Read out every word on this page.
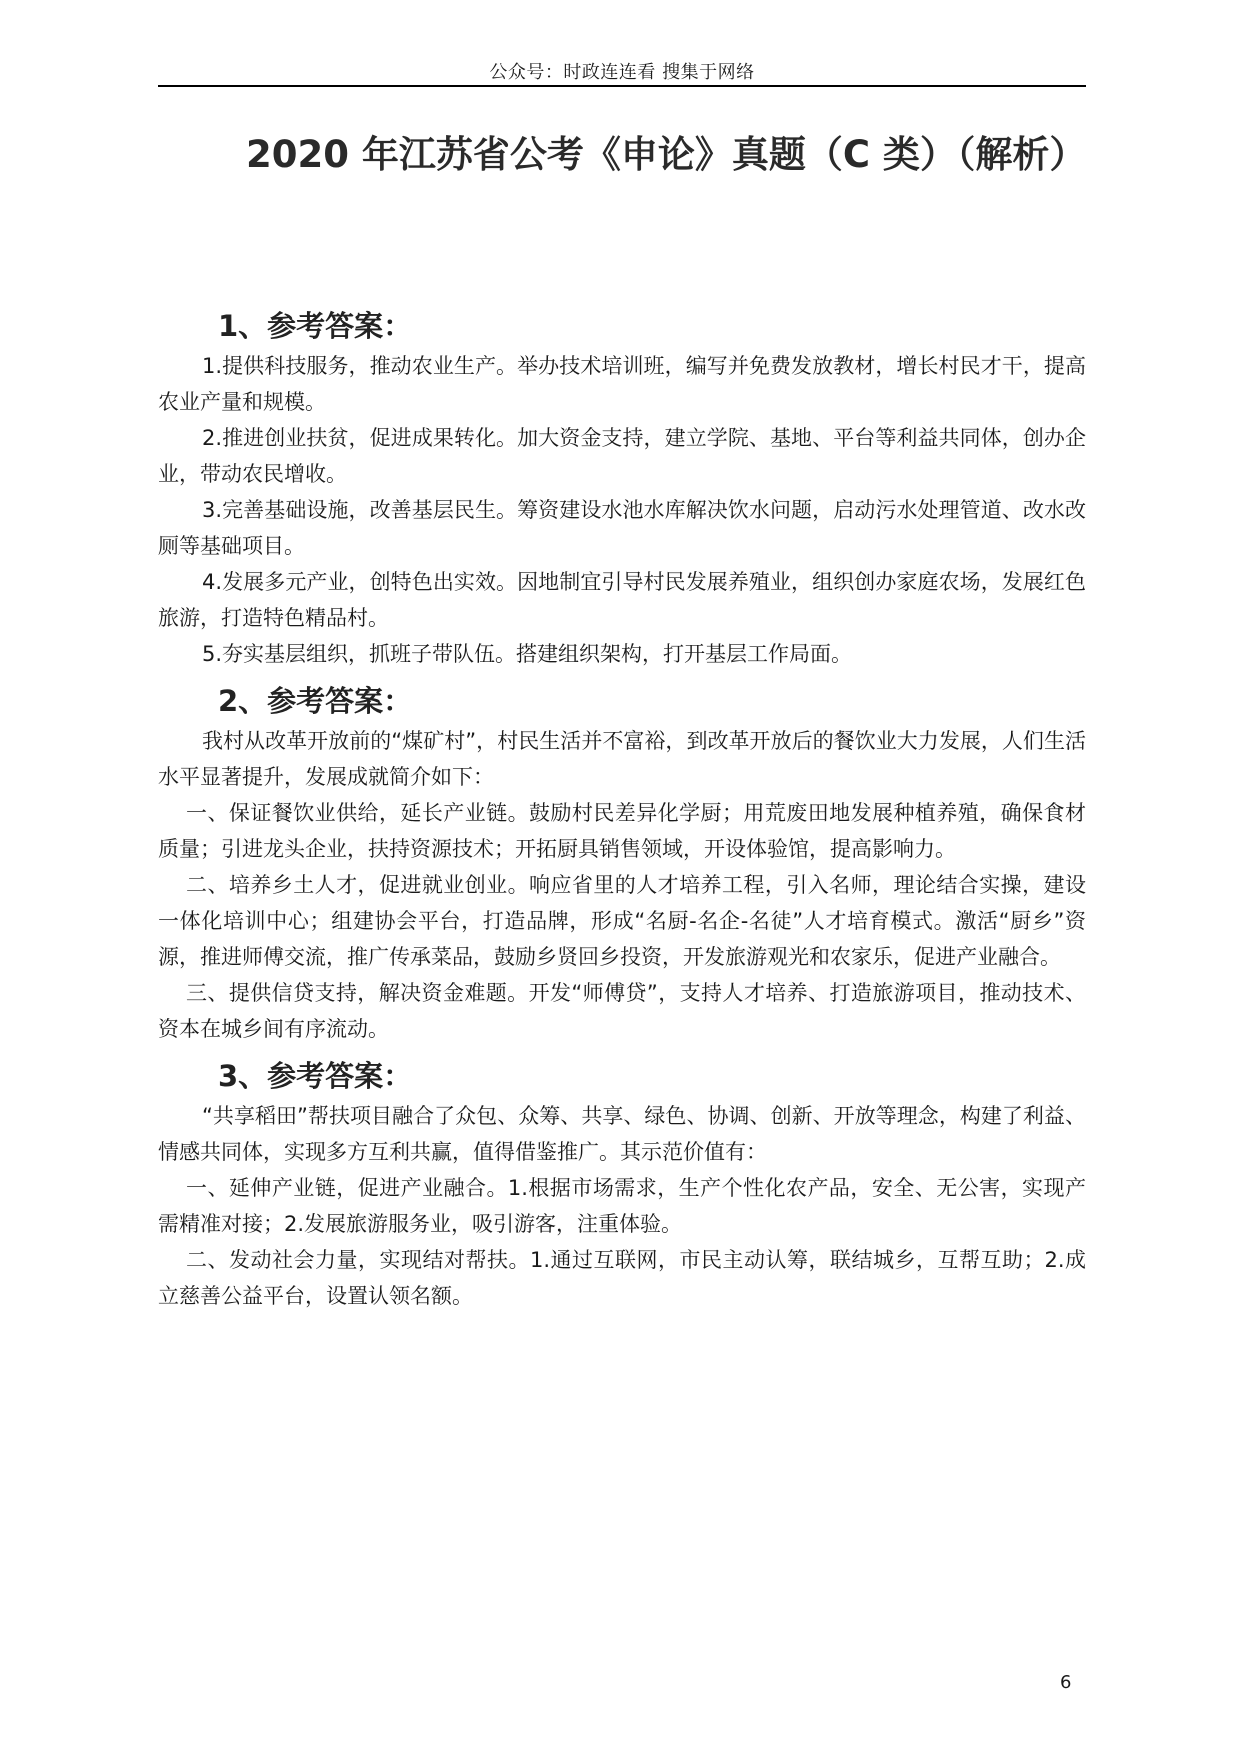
公众号：时政连连看 搜集于网络
2020 年江苏省公考《申论》真题（C 类）（解析）
1、参考答案：

1.提供科技服务，推动农业生产。举办技术培训班，编写并免费发放教材，增长村民才干，提高农业产量和规模。

2.推进创业扶贫，促进成果转化。加大资金支持，建立学院、基地、平台等利益共同体，创办企业，带动农民增收。

3.完善基础设施，改善基层民生。筹资建设水池水库解决饮水问题，启动污水处理管道、改水改厕等基础项目。

4.发展多元产业，创特色出实效。因地制宜引导村民发展养殖业，组织创办家庭农场，发展红色旅游，打造特色精品村。

5.夯实基层组织，抓班子带队伍。搭建组织架构，打开基层工作局面。

2、参考答案：

我村从改革开放前的“煤矿村”，村民生活并不富裕，到改革开放后的餐饮业大力发展，人们生活水平显著提升，发展成就简介如下：

一、保证餐饮业供给，延长产业链。鼓励村民差异化学厨；用荒废田地发展种植养殖，确保食材质量；引进龙头企业，扶持资源技术；开拓厨具销售领域，开设体验馆，提高影响力。

二、培养乡土人才，促进就业创业。响应省里的人才培养工程，引入名师，理论结合实操，建设一体化培训中心；组建协会平台，打造品牌，形成“名厨-名企-名徒”人才培育模式。激活“厨乡”资源，推进师傅交流，推广传承菜品，鼓励乡贤回乡投资，开发旅游观光和农家乐，促进产业融合。

三、提供信贷支持，解决资金难题。开发“师傅贷”，支持人才培养、打造旅游项目，推动技术、资本在城乡间有序流动。

3、参考答案：

“共享稻田”帮扶项目融合了众包、众筹、共享、绿色、协调、创新、开放等理念，构建了利益、情感共同体，实现多方互利共赢，值得借鉴推广。其示范价值有：

一、延伸产业链，促进产业融合。1.根据市场需求，生产个性化农产品，安全、无公害，实现产需精准对接；2.发展旅游服务业，吸引游客，注重体验。

二、发动社会力量，实现结对帮扶。1.通过互联网，市民主动认筹，联结城乡，互帮互助；2.成立慈善公益平台，设置认领名额。

6
